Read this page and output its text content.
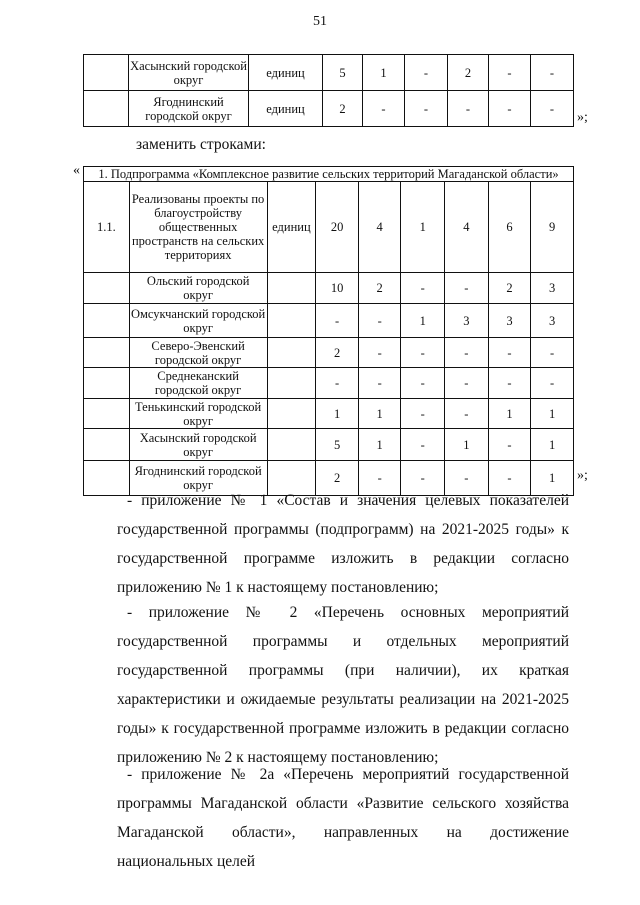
51
	Хасынский городской округ	единиц	5	1	-	2	-	-
	Ягоднинский городской округ	единиц	2	-	-	-	-	-
»;
заменить строками:
« 1. Подпрограмма «Комплексное развитие сельских территорий Магаданской области»								
1.1.	Реализованы проекты по благоустройству общественных пространств на сельских территориях	единиц	20	4	1	4	6	9
	Ольский городской округ		10	2	-	-	2	3
	Омсукчанский городской округ		-	-	1	3	3	3
	Северо-Эвенский городской округ		2	-	-	-	-	-
	Среднеканский городской округ		-	-	-	-	-	-
	Тенькинский городской округ		1	1	-	-	1	1
	Хасынский городской округ		5	1	-	1	-	1
	Ягоднинский городской округ		2	-	-	-	-	1 »;

- приложение № 1 «Состав и значения целевых показателей государственной программы (подпрограмм) на 2021-2025 годы» к государственной программе изложить в редакции согласно приложению № 1 к настоящему постановлению;

- приложение № 2 «Перечень основных мероприятий государственной программы и отдельных мероприятий государственной программы (при наличии), их краткая характеристики и ожидаемые результаты реализации на 2021-2025 годы» к государственной программе изложить в редакции согласно приложению № 2 к настоящему постановлению;

- приложение № 2а «Перечень мероприятий государственной программы Магаданской области «Развитие сельского хозяйства Магаданской области», направленных на достижение национальных целей
